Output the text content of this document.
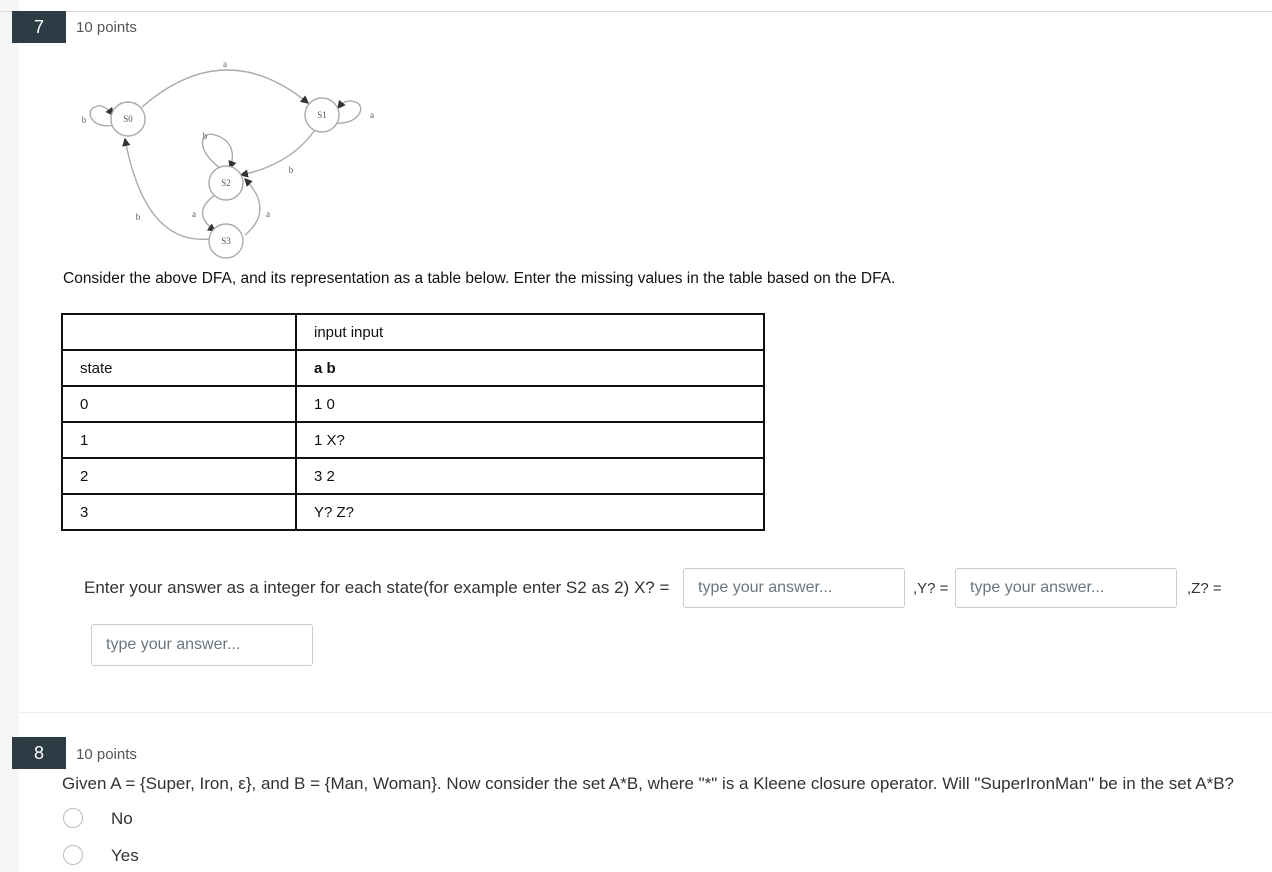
7	10 points
S0	S1
S2
S3
b
a
a
b
b
a	a
b
Consider the above DFA, and its representation as a table below. Enter the missing values in the table based on the DFA.
	input input
state	a b
0	1 0
1	1 X?
2	3 2
3	Y? Z?
Enter your answer as a integer for each state(for example enter S2 as 2) X? =
type your answer...	,Y? =
type your answer...	,Z? =
type your answer...
8	10 points
Given A = {Super, Iron, ε}, and B = {Man, Woman}. Now consider the set A*B, where "*" is a Kleene closure operator. Will "SuperIronMan" be in the set A*B?
No
Yes
